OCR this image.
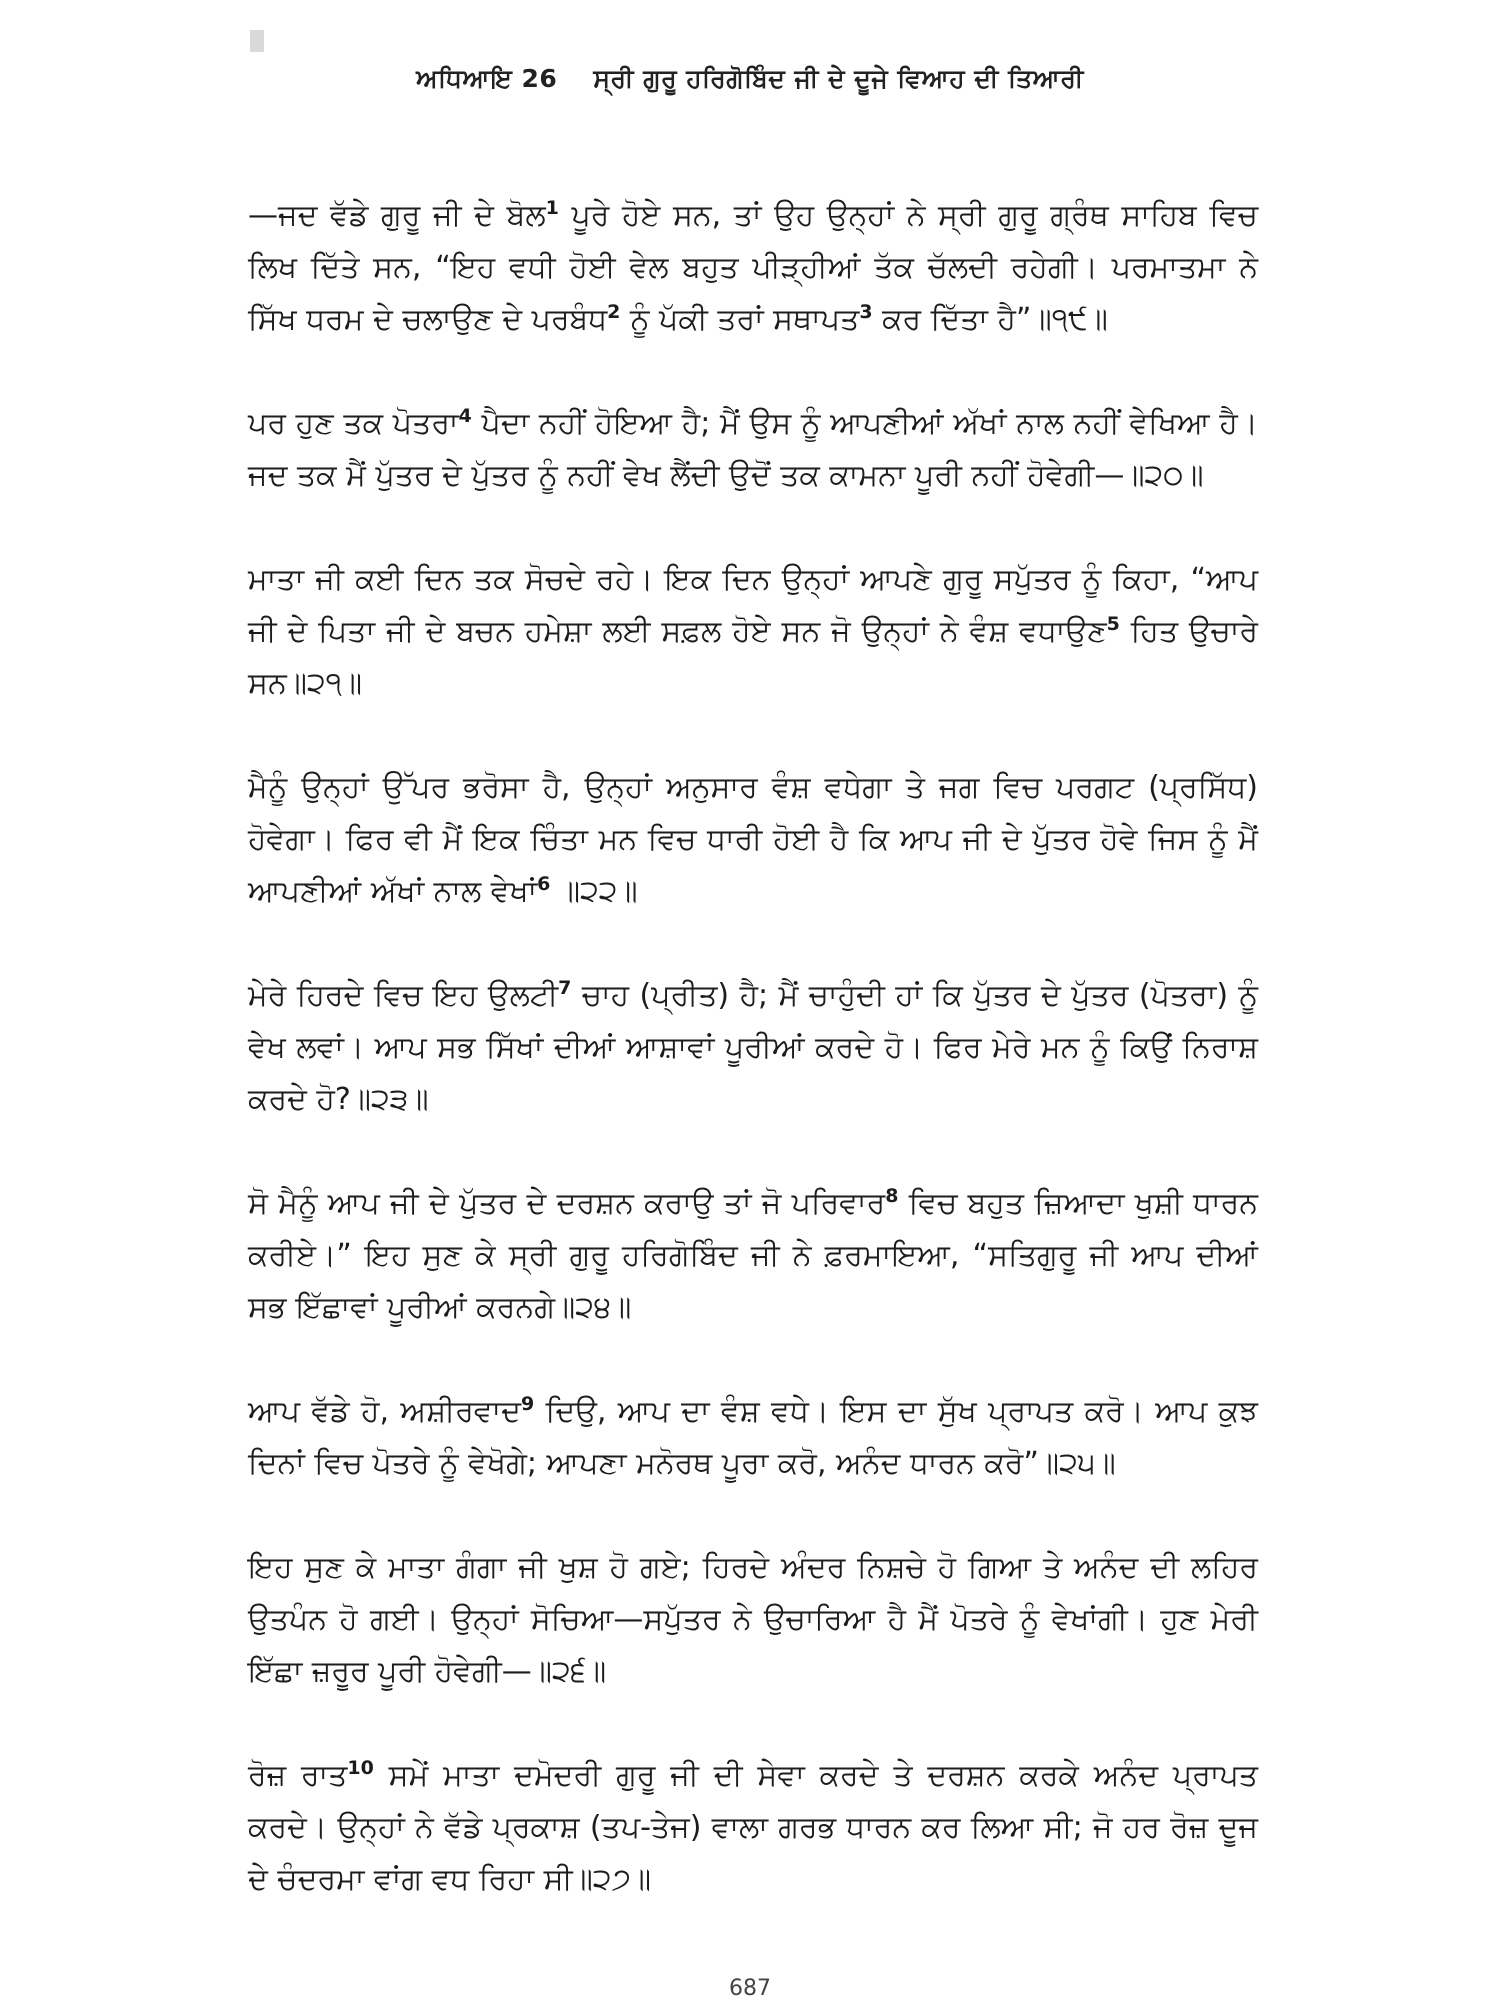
ਅਧਿਆਇ 26 ਸ੍ਰੀ ਗੁਰੂ ਹਰਿਗੋਬਿੰਦ ਜੀ ਦੇ ਦੂਜੇ ਵਿਆਹ ਦੀ ਤਿਆਰੀ

—ਜਦ ਵੱਡੇ ਗੁਰੂ ਜੀ ਦੇ ਬੋਲ$^1$ ਪੂਰੇ ਹੋਏ ਸਨ, ਤਾਂ ਉਹ ਉਨ੍ਹਾਂ ਨੇ ਸ੍ਰੀ ਗੁਰੂ ਗ੍ਰੰਥ ਸਾਹਿਬ ਵਿਚ ਲਿਖ ਦਿੱਤੇ ਸਨ, “ਇਹ ਵਧੀ ਹੋਈ ਵੇਲ ਬਹੁਤ ਪੀੜ੍ਹੀਆਂ ਤੱਕ ਚੱਲਦੀ ਰਹੇਗੀ। ਪਰਮਾਤਮਾ ਨੇ ਸਿੱਖ ਧਰਮ ਦੇ ਚਲਾਉਣ ਦੇ ਪਰਬੰਧ$^2$ ਨੂੰ ਪੱਕੀ ਤਰਾਂ ਸਥਾਪਤ$^3$ ਕਰ ਦਿੱਤਾ ਹੈ”॥੧੯॥

ਪਰ ਹੁਣ ਤਕ ਪੋਤਰਾ$^4$ ਪੈਦਾ ਨਹੀਂ ਹੋਇਆ ਹੈ; ਮੈਂ ਉਸ ਨੂੰ ਆਪਣੀਆਂ ਅੱਖਾਂ ਨਾਲ ਨਹੀਂ ਵੇਖਿਆ ਹੈ। ਜਦ ਤਕ ਮੈਂ ਪੁੱਤਰ ਦੇ ਪੁੱਤਰ ਨੂੰ ਨਹੀਂ ਵੇਖ ਲੈਂਦੀ ਉਦੋਂ ਤਕ ਕਾਮਨਾ ਪੂਰੀ ਨਹੀਂ ਹੋਵੇਗੀ—॥੨੦॥

ਮਾਤਾ ਜੀ ਕਈ ਦਿਨ ਤਕ ਸੋਚਦੇ ਰਹੇ। ਇਕ ਦਿਨ ਉਨ੍ਹਾਂ ਆਪਣੇ ਗੁਰੂ ਸਪੁੱਤਰ ਨੂੰ ਕਿਹਾ, “ਆਪ ਜੀ ਦੇ ਪਿਤਾ ਜੀ ਦੇ ਬਚਨ ਹਮੇਸ਼ਾ ਲਈ ਸਫ਼ਲ ਹੋਏ ਸਨ ਜੋ ਉਨ੍ਹਾਂ ਨੇ ਵੰਸ਼ ਵਧਾਉਣ$^5$ ਹਿਤ ਉਚਾਰੇ ਸਨ॥੨੧॥

ਮੈਨੂੰ ਉਨ੍ਹਾਂ ਉੱਪਰ ਭਰੋਸਾ ਹੈ, ਉਨ੍ਹਾਂ ਅਨੁਸਾਰ ਵੰਸ਼ ਵਧੇਗਾ ਤੇ ਜਗ ਵਿਚ ਪਰਗਟ (ਪ੍ਰਸਿੱਧ) ਹੋਵੇਗਾ। ਫਿਰ ਵੀ ਮੈਂ ਇਕ ਚਿੰਤਾ ਮਨ ਵਿਚ ਧਾਰੀ ਹੋਈ ਹੈ ਕਿ ਆਪ ਜੀ ਦੇ ਪੁੱਤਰ ਹੋਵੇ ਜਿਸ ਨੂੰ ਮੈਂ ਆਪਣੀਆਂ ਅੱਖਾਂ ਨਾਲ ਵੇਖਾਂ$^6$ ॥੨੨॥

ਮੇਰੇ ਹਿਰਦੇ ਵਿਚ ਇਹ ਉਲਟੀ$^7$ ਚਾਹ (ਪ੍ਰੀਤ) ਹੈ; ਮੈਂ ਚਾਹੁੰਦੀ ਹਾਂ ਕਿ ਪੁੱਤਰ ਦੇ ਪੁੱਤਰ (ਪੋਤਰਾ) ਨੂੰ ਵੇਖ ਲਵਾਂ। ਆਪ ਸਭ ਸਿੱਖਾਂ ਦੀਆਂ ਆਸ਼ਾਵਾਂ ਪੂਰੀਆਂ ਕਰਦੇ ਹੋ। ਫਿਰ ਮੇਰੇ ਮਨ ਨੂੰ ਕਿਉਂ ਨਿਰਾਸ਼ ਕਰਦੇ ਹੋ?॥੨੩॥

ਸੋ ਮੈਨੂੰ ਆਪ ਜੀ ਦੇ ਪੁੱਤਰ ਦੇ ਦਰਸ਼ਨ ਕਰਾਉ ਤਾਂ ਜੋ ਪਰਿਵਾਰ$^8$ ਵਿਚ ਬਹੁਤ ਜ਼ਿਆਦਾ ਖੁਸ਼ੀ ਧਾਰਨ ਕਰੀਏ।” ਇਹ ਸੁਣ ਕੇ ਸ੍ਰੀ ਗੁਰੂ ਹਰਿਗੋਬਿੰਦ ਜੀ ਨੇ ਫ਼ਰਮਾਇਆ, “ਸਤਿਗੁਰੂ ਜੀ ਆਪ ਦੀਆਂ ਸਭ ਇੱਛਾਵਾਂ ਪੂਰੀਆਂ ਕਰਨਗੇ॥੨੪॥

ਆਪ ਵੱਡੇ ਹੋ, ਅਸ਼ੀਰਵਾਦ$^9$ ਦਿਉ, ਆਪ ਦਾ ਵੰਸ਼ ਵਧੇ। ਇਸ ਦਾ ਸੁੱਖ ਪ੍ਰਾਪਤ ਕਰੋ। ਆਪ ਕੁਝ ਦਿਨਾਂ ਵਿਚ ਪੋਤਰੇ ਨੂੰ ਵੇਖੋਗੇ; ਆਪਣਾ ਮਨੋਰਥ ਪੂਰਾ ਕਰੋ, ਅਨੰਦ ਧਾਰਨ ਕਰੋ”॥੨੫॥

ਇਹ ਸੁਣ ਕੇ ਮਾਤਾ ਗੰਗਾ ਜੀ ਖੁਸ਼ ਹੋ ਗਏ; ਹਿਰਦੇ ਅੰਦਰ ਨਿਸ਼ਚੇ ਹੋ ਗਿਆ ਤੇ ਅਨੰਦ ਦੀ ਲਹਿਰ ਉਤਪੰਨ ਹੋ ਗਈ। ਉਨ੍ਹਾਂ ਸੋਚਿਆ—ਸਪੁੱਤਰ ਨੇ ਉਚਾਰਿਆ ਹੈ ਮੈਂ ਪੋਤਰੇ ਨੂੰ ਵੇਖਾਂਗੀ। ਹੁਣ ਮੇਰੀ ਇੱਛਾ ਜ਼ਰੂਰ ਪੂਰੀ ਹੋਵੇਗੀ—॥੨੬॥

ਰੋਜ਼ ਰਾਤ$^{10}$ ਸਮੇਂ ਮਾਤਾ ਦਮੋਦਰੀ ਗੁਰੂ ਜੀ ਦੀ ਸੇਵਾ ਕਰਦੇ ਤੇ ਦਰਸ਼ਨ ਕਰਕੇ ਅਨੰਦ ਪ੍ਰਾਪਤ ਕਰਦੇ। ਉਨ੍ਹਾਂ ਨੇ ਵੱਡੇ ਪ੍ਰਕਾਸ਼ (ਤਪ-ਤੇਜ) ਵਾਲਾ ਗਰਭ ਧਾਰਨ ਕਰ ਲਿਆ ਸੀ; ਜੋ ਹਰ ਰੋਜ਼ ਦੂਜ ਦੇ ਚੰਦਰਮਾ ਵਾਂਗ ਵਧ ਰਿਹਾ ਸੀ॥੨੭॥

687
